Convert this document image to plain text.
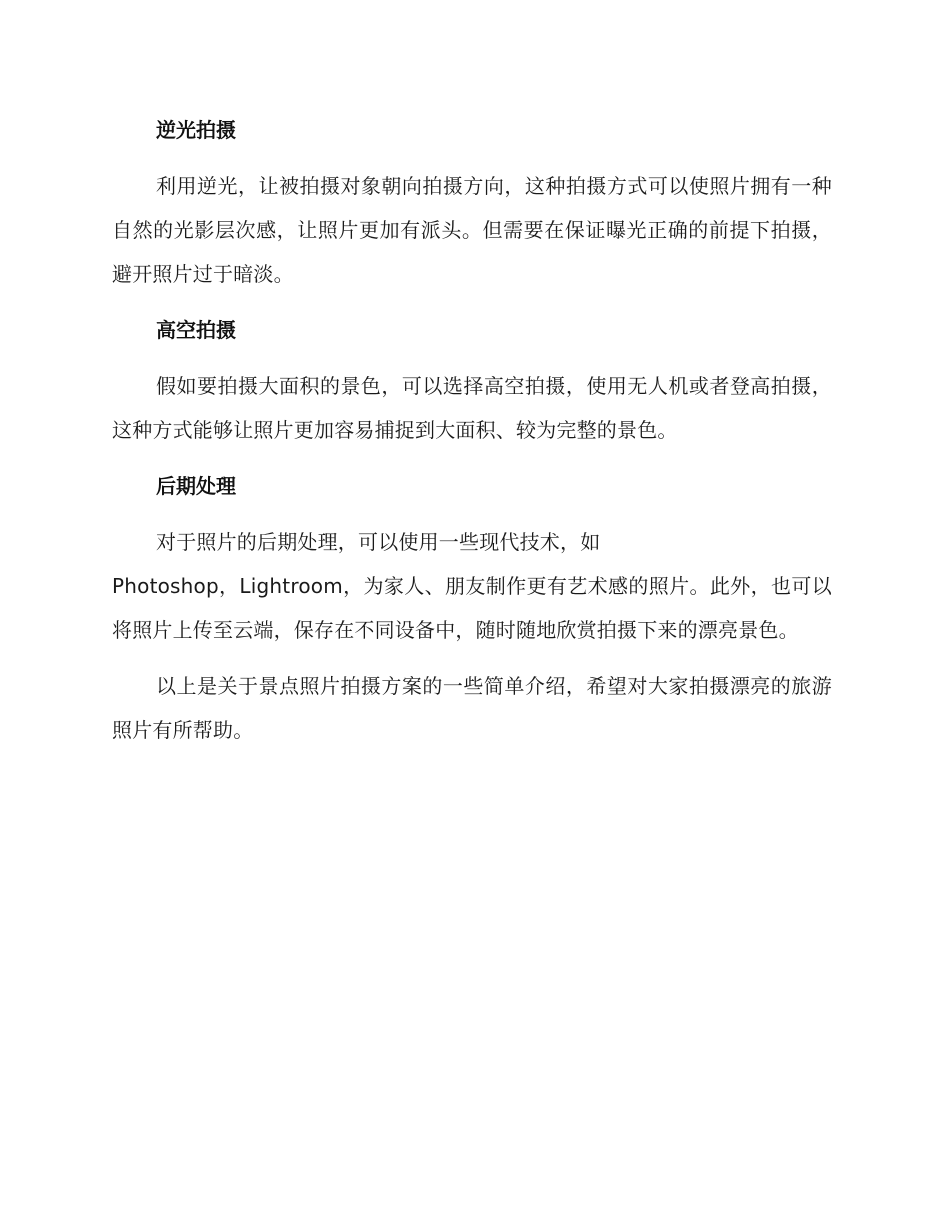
逆光拍摄

利用逆光，让被拍摄对象朝向拍摄方向，这种拍摄方式可以使照片拥有一种自然的光影层次感，让照片更加有派头。但需要在保证曝光正确的前提下拍摄，避开照片过于暗淡。

高空拍摄

假如要拍摄大面积的景色，可以选择高空拍摄，使用无人机或者登高拍摄，这种方式能够让照片更加容易捕捉到大面积、较为完整的景色。

后期处理

对于照片的后期处理，可以使用一些现代技术，如
Photoshop，Lightroom，为家人、朋友制作更有艺术感的照片。此外，也可以将照片上传至云端，保存在不同设备中，随时随地欣赏拍摄下来的漂亮景色。

以上是关于景点照片拍摄方案的一些简单介绍，希望对大家拍摄漂亮的旅游照片有所帮助。
